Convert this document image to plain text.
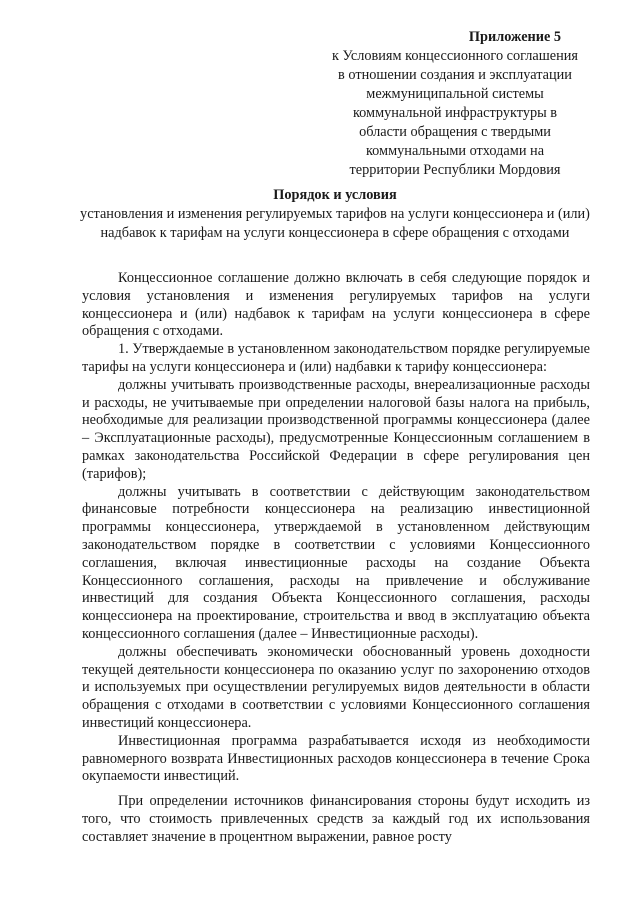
Приложение 5
к Условиям концессионного соглашения
в отношении создания и эксплуатации
межмуниципальной системы
коммунальной инфраструктуры в
области обращения с твердыми
коммунальными отходами на
территории Республики Мордовия
Порядок и условия
установления и изменения регулируемых тарифов на услуги концессионера и (или) надбавок к тарифам на услуги концессионера в сфере обращения с отходами

Концессионное соглашение должно включать в себя следующие порядок и условия установления и изменения регулируемых тарифов на услуги концессионера и (или) надбавок к тарифам на услуги концессионера в сфере обращения с отходами.

1. Утверждаемые в установленном законодательством порядке регулируемые тарифы на услуги концессионера и (или) надбавки к тарифу концессионера:

должны учитывать производственные расходы, внереализационные расходы и расходы, не учитываемые при определении налоговой базы налога на прибыль, необходимые для реализации производственной программы концессионера (далее – Эксплуатационные расходы), предусмотренные Концессионным соглашением в рамках законодательства Российской Федерации в сфере регулирования цен (тарифов);

должны учитывать в соответствии с действующим законодательством финансовые потребности концессионера на реализацию инвестиционной программы концессионера, утверждаемой в установленном действующим законодательством порядке в соответствии с условиями Концессионного соглашения, включая инвестиционные расходы на создание Объекта Концессионного соглашения, расходы на привлечение и обслуживание инвестиций для создания Объекта Концессионного соглашения, расходы концессионера на проектирование, строительства и ввод в эксплуатацию объекта концессионного соглашения (далее – Инвестиционные расходы).

должны обеспечивать экономически обоснованный уровень доходности текущей деятельности концессионера по оказанию услуг по захоронению отходов и используемых при осуществлении регулируемых видов деятельности в области обращения с отходами в соответствии с условиями Концессионного соглашения инвестиций концессионера.

Инвестиционная программа разрабатывается исходя из необходимости равномерного возврата Инвестиционных расходов концессионера в течение Срока окупаемости инвестиций.

При определении источников финансирования стороны будут исходить из того, что стоимость привлеченных средств за каждый год их использования составляет значение в процентном выражении, равное росту
